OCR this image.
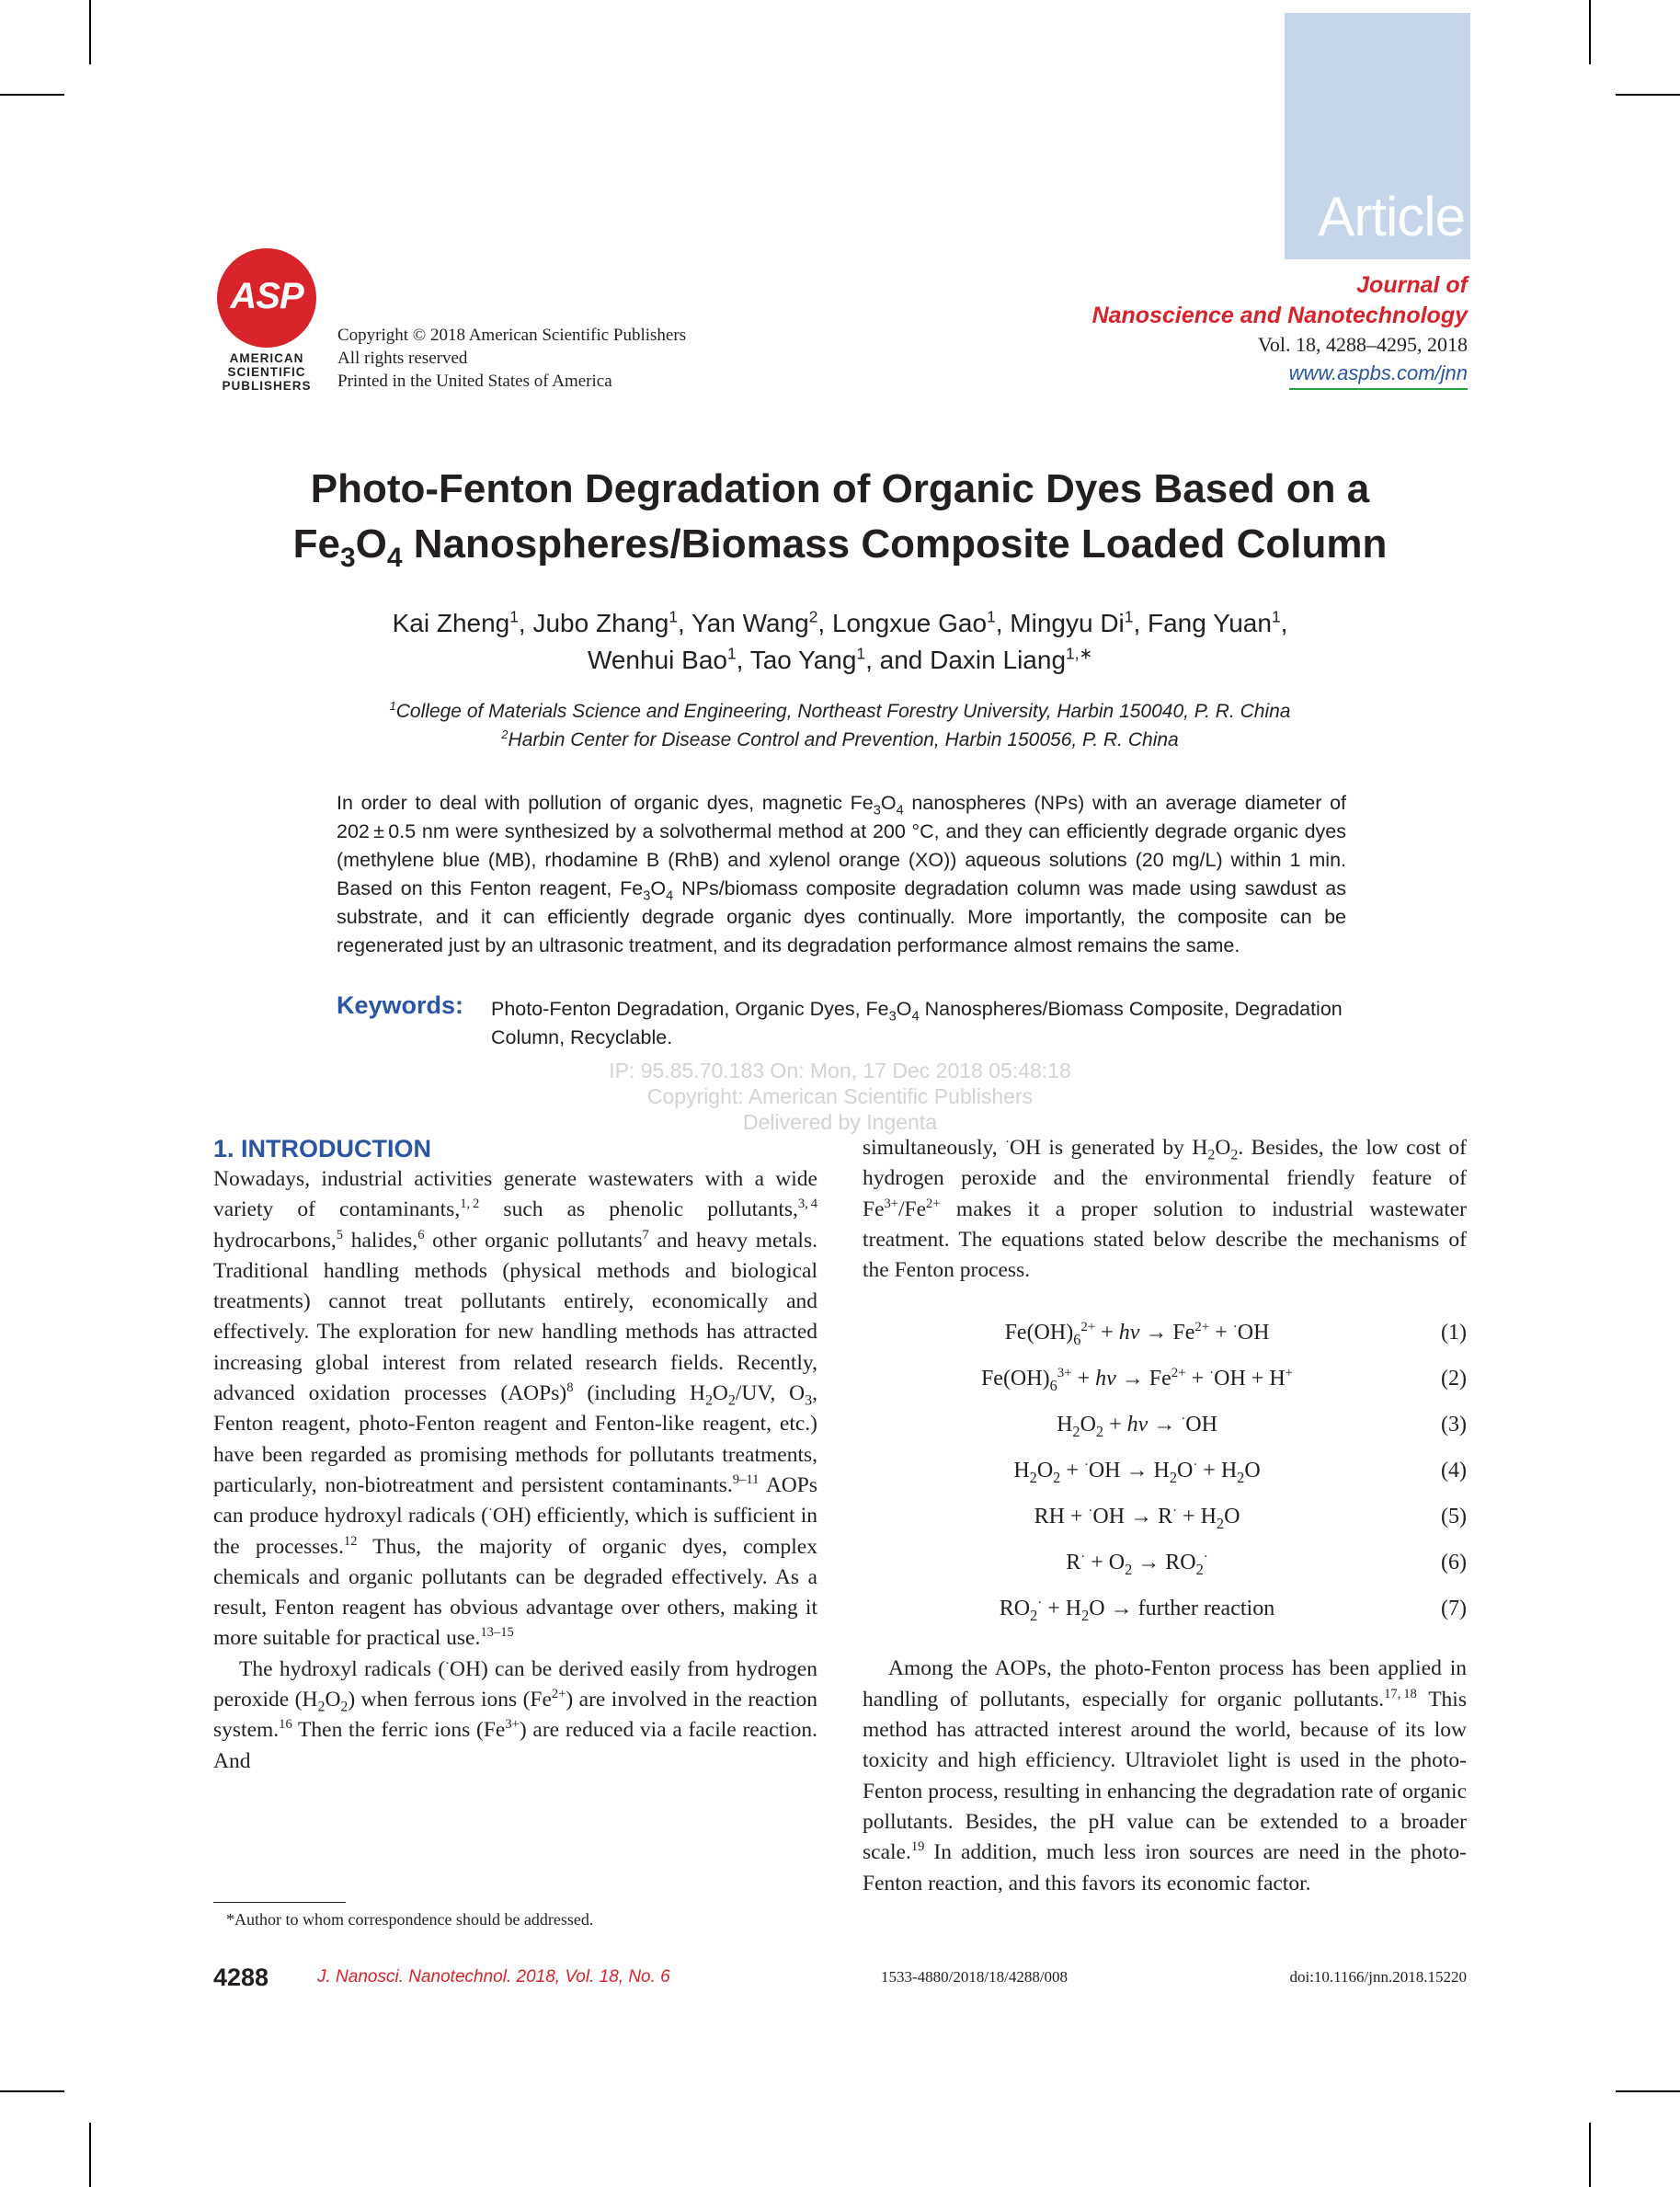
Article
ASP
AMERICAN
SCIENTIFIC
PUBLISHERS
Copyright © 2018 American Scientific Publishers
All rights reserved
Printed in the United States of America
Journal of
Nanoscience and Nanotechnology
Vol. 18, 4288–4295, 2018
www.aspbs.com/jnn
Photo-Fenton Degradation of Organic Dyes Based on a
$Fe_3O_4$ Nanospheres/Biomass Composite Loaded Column
Kai Zheng$^1$, Jubo Zhang$^1$, Yan Wang$^2$, Longxue Gao$^1$, Mingyu Di$^1$, Fang Yuan$^1$,
Wenhui Bao$^1$, Tao Yang$^1$, and Daxin Liang$^{1,∗}$
$^1$College of Materials Science and Engineering, Northeast Forestry University, Harbin 150040, P. R. China
$^2$Harbin Center for Disease Control and Prevention, Harbin 150056, P. R. China
In order to deal with pollution of organic dyes, magnetic $Fe_3O_4$ nanospheres (NPs) with an average diameter of 202 ± 0.5 nm were synthesized by a solvothermal method at 200 °C, and they can efficiently degrade organic dyes (methylene blue (MB), rhodamine B (RhB) and xylenol orange (XO)) aqueous solutions (20 mg/L) within 1 min. Based on this Fenton reagent, $Fe_3O_4$ NPs/biomass composite degradation column was made using sawdust as substrate, and it can efficiently degrade organic dyes continually. More importantly, the composite can be regenerated just by an ultrasonic treatment, and its degradation performance almost remains the same.
Keywords: Photo-Fenton Degradation, Organic Dyes, $Fe_3O_4$ Nanospheres/Biomass Composite, Degradation Column, Recyclable.
IP: 95.85.70.183 On: Mon, 17 Dec 2018 05:48:18
Copyright: American Scientific Publishers
Delivered by Ingenta
1. INTRODUCTION

Nowadays, industrial activities generate wastewaters with a wide variety of contaminants,$^{1, 2}$ such as phenolic pollutants,$^{3, 4}$ hydrocarbons,$^5$ halides,$^6$ other organic pollutants$^7$ and heavy metals. Traditional handling methods (physical methods and biological treatments) cannot treat pollutants entirely, economically and effectively. The exploration for new handling methods has attracted increasing global interest from related research fields. Recently, advanced oxidation processes (AOPs)$^8$ (including $H_2O_2/UV$, $O_3$, Fenton reagent, photo-Fenton reagent and Fenton-like reagent, etc.) have been regarded as promising methods for pollutants treatments, particularly, non-biotreatment and persistent contaminants.$^{9-11}$ AOPs can produce hydroxyl radicals (·OH) efficiently, which is sufficient in the processes.$^{12}$ Thus, the majority of organic dyes, complex chemicals and organic pollutants can be degraded effectively. As a result, Fenton reagent has obvious advantage over others, making it more suitable for practical use.$^{13-15}$

The hydroxyl radicals (·OH) can be derived easily from hydrogen peroxide $(H_2O_2)$ when ferrous ions $(Fe^{2+})$ are involved in the reaction system.$^{16}$ Then the ferric ions $(Fe^{3+})$ are reduced via a facile reaction. And

simultaneously, ·OH is generated by $H_2O_2$. Besides, the low cost of hydrogen peroxide and the environmental friendly feature of $Fe^{3+}/Fe^{2+}$ makes it a proper solution to industrial wastewater treatment. The equations stated below describe the mechanisms of the Fenton process.

$Fe(OH)_6^{2+} + h\nu \to Fe^{2+} + ^\cdot OH$	(1)
$Fe(OH)_6^{3+} + h\nu \to Fe^{2+} + ^\cdot OH + H^+$	(2)
$H_2O_2 + h\nu \to ^\cdot OH$	(3)
$H_2O_2 + ^\cdot OH \to H_2O^\cdot + H_2O$	(4)
RH + $^\cdot OH \to R^\cdot + H_2O$	(5)
$R^\cdot + O_2 \to RO_2^\cdot$	(6)
$RO_2^\cdot + H_2O$ → further reaction	(7)

Among the AOPs, the photo-Fenton process has been applied in handling of pollutants, especially for organic pollutants.$^{17, 18}$ This method has attracted interest around the world, because of its low toxicity and high efficiency. Ultraviolet light is used in the photo-Fenton process, resulting in enhancing the degradation rate of organic pollutants. Besides, the pH value can be extended to a broader scale.$^{19}$ In addition, much less iron sources are need in the photo-Fenton reaction, and this favors its economic factor.

*Author to whom correspondence should be addressed.
4288	J. Nanosci. Nanotechnol. 2018, Vol. 18, No. 6	1533-4880/2018/18/4288/008	doi:10.1166/jnn.2018.15220
